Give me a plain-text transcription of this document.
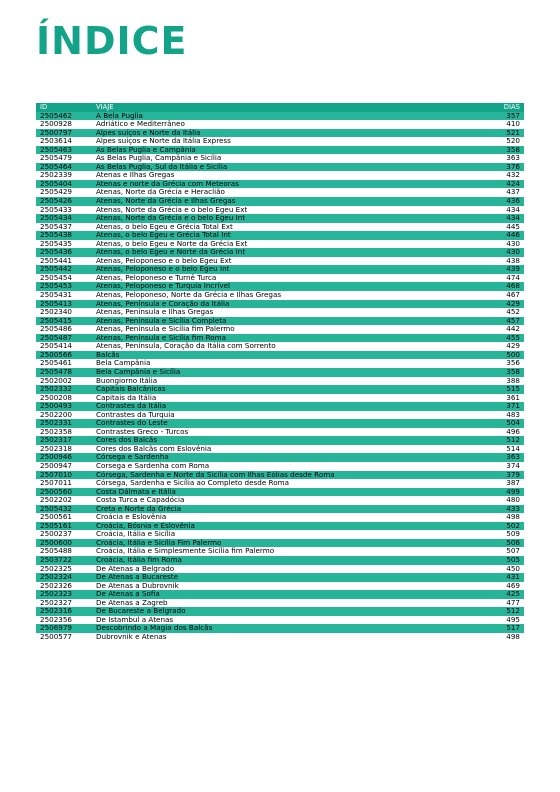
ÍNDICE
ID	VIAJE	DIAS
2505462	A Bela Puglia	357
2500928	Adriático e Mediterrâneo	410
2500797	Alpes suíços e Norte da Itália	521
2503614	Alpes suíços e Norte da Itália Express	520
2505463	As Belas Puglia e Campânia	358
2505479	As Belas Puglia, Campânia e Sicília	363
2505464	As Belas Puglia, Sul da Itália e Sicília	376
2502339	Atenas e Ilhas Gregas	432
2505404	Atenas e norte da Grécia com Meteoras	424
2505429	Atenas, Norte da Grécia e Heraclião	437
2505426	Atenas, Norte da Grécia e Ilhas Gregas	436
2505433	Atenas, Norte da Grécia e o belo Egeu Ext	434
2505434	Atenas, Norte da Grécia e o belo Egeu Int	434
2505437	Atenas, o belo Egeu e Grécia Total Ext	445
2505438	Atenas, o belo Egeu e Grécia Total Int	446
2505435	Atenas, o belo Egeu e Norte da Grécia Ext	430
2505436	Atenas, o belo Egeu e Norte da Grécia Int	430
2505441	Atenas, Peloponeso e o belo Egeu Ext	438
2505442	Atenas, Peloponeso e o belo Egeu Int	439
2505454	Atenas, Peloponeso e Turnê Turca	474
2505453	Atenas, Peloponeso e Turquia Incrível	468
2505431	Atenas, Peloponeso, Norte da Grécia e Ilhas Gregas	467
2505413	Atenas, Península e Coração da Itália	429
2502340	Atenas, Península e Ilhas Gregas	452
2505415	Atenas, Península e Sicília Completa	457
2505486	Atenas, Península e Sicília fim Palermo	442
2505487	Atenas, Península e Sicília fim Roma	455
2505414	Atenas, Península, Coração da Itália com Sorrento	429
2500566	Balcãs	500
2505461	Bela Campânia	356
2505478	Bela Campânia e Sicília	358
2502002	Buongiorno Itália	388
2502332	Capitais Balcânicas	515
2500208	Capitais da Itália	361
2500493	Contrastes da Itália	371
2502200	Contrastes da Turquia	483
2502331	Contrastes do Leste	504
2502358	Contrastes Greco - Turcos	496
2502317	Cores dos Balcãs	512
2502318	Cores dos Balcãs com Eslovênia	514
2500946	Córsega e Sardenha	363
2500947	Corsega e Sardenha com Roma	374
2507010	Córsega, Sardenha e Norte da Sicília com Ilhas Eólias desde Roma	379
2507011	Córsega, Sardenha e Sicília ao Completo desde Roma	387
2500560	Costa Dálmata e Itália	499
2502202	Costa Turca e Capadócia	480
2505432	Creta e Norte da Grécia	433
2500561	Croácia e Eslovênia	498
2505161	Croácia, Bósnia e Eslovênia	502
2500237	Croácia, Itália e Sicília	509
2500600	Croácia, Itália e Sicília Fim Palermo	506
2505488	Croácia, Itália e Simplesmente Sicília fim Palermo	507
2503722	Croácia, Itália fim Roma	505
2502325	De Atenas a Belgrado	450
2502324	De Atenas a Bucareste	431
2502326	De Atenas a Dubrovnik	469
2502323	De Atenas a Sofia	425
2502327	De Atenas a Zagreb	477
2502316	De Bucareste a Belgrado	512
2502356	De Istambul a Atenas	495
2506979	Descobrindo a Magia dos Balcãs	517
2500577	Dubrovnik e Atenas	498
